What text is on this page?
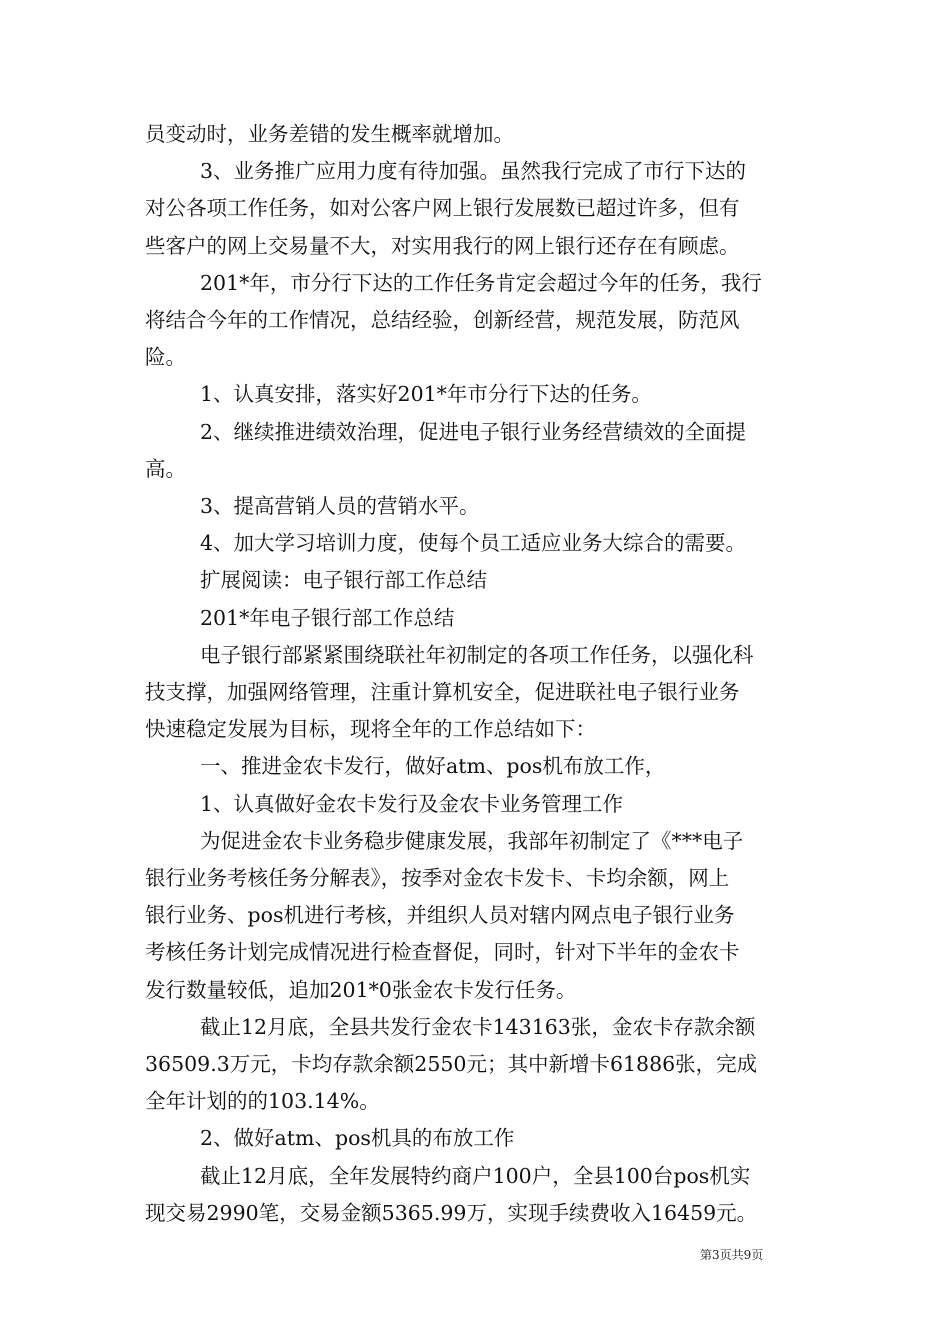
员变动时，业务差错的发生概率就增加。

3、业务推广应用力度有待加强。虽然我行完成了市行下达的

对公各项工作任务，如对公客户网上银行发展数已超过许多，但有

些客户的网上交易量不大，对实用我行的网上银行还存在有顾虑。

201*年，市分行下达的工作任务肯定会超过今年的任务，我行

将结合今年的工作情况，总结经验，创新经营，规范发展，防范风

险。

1、认真安排，落实好201*年市分行下达的任务。

2、继续推进绩效治理，促进电子银行业务经营绩效的全面提

高。

3、提高营销人员的营销水平。

4、加大学习培训力度，使每个员工适应业务大综合的需要。

扩展阅读：电子银行部工作总结

201*年电子银行部工作总结

电子银行部紧紧围绕联社年初制定的各项工作任务，以强化科

技支撑，加强网络管理，注重计算机安全，促进联社电子银行业务

快速稳定发展为目标，现将全年的工作总结如下：

一、推进金农卡发行，做好atm、pos机布放工作，

1、认真做好金农卡发行及金农卡业务管理工作

为促进金农卡业务稳步健康发展，我部年初制定了《***电子

银行业务考核任务分解表》，按季对金农卡发卡、卡均余额，网上

银行业务、pos机进行考核，并组织人员对辖内网点电子银行业务

考核任务计划完成情况进行检查督促，同时，针对下半年的金农卡

发行数量较低，追加201*0张金农卡发行任务。

截止12月底，全县共发行金农卡143163张，金农卡存款余额

36509.3万元，卡均存款余额2550元；其中新增卡61886张，完成

全年计划的的103.14%。

2、做好atm、pos机具的布放工作

截止12月底，全年发展特约商户100户，全县100台pos机实

现交易2990笔，交易金额5365.99万，实现手续费收入16459元。

第3页共9页
